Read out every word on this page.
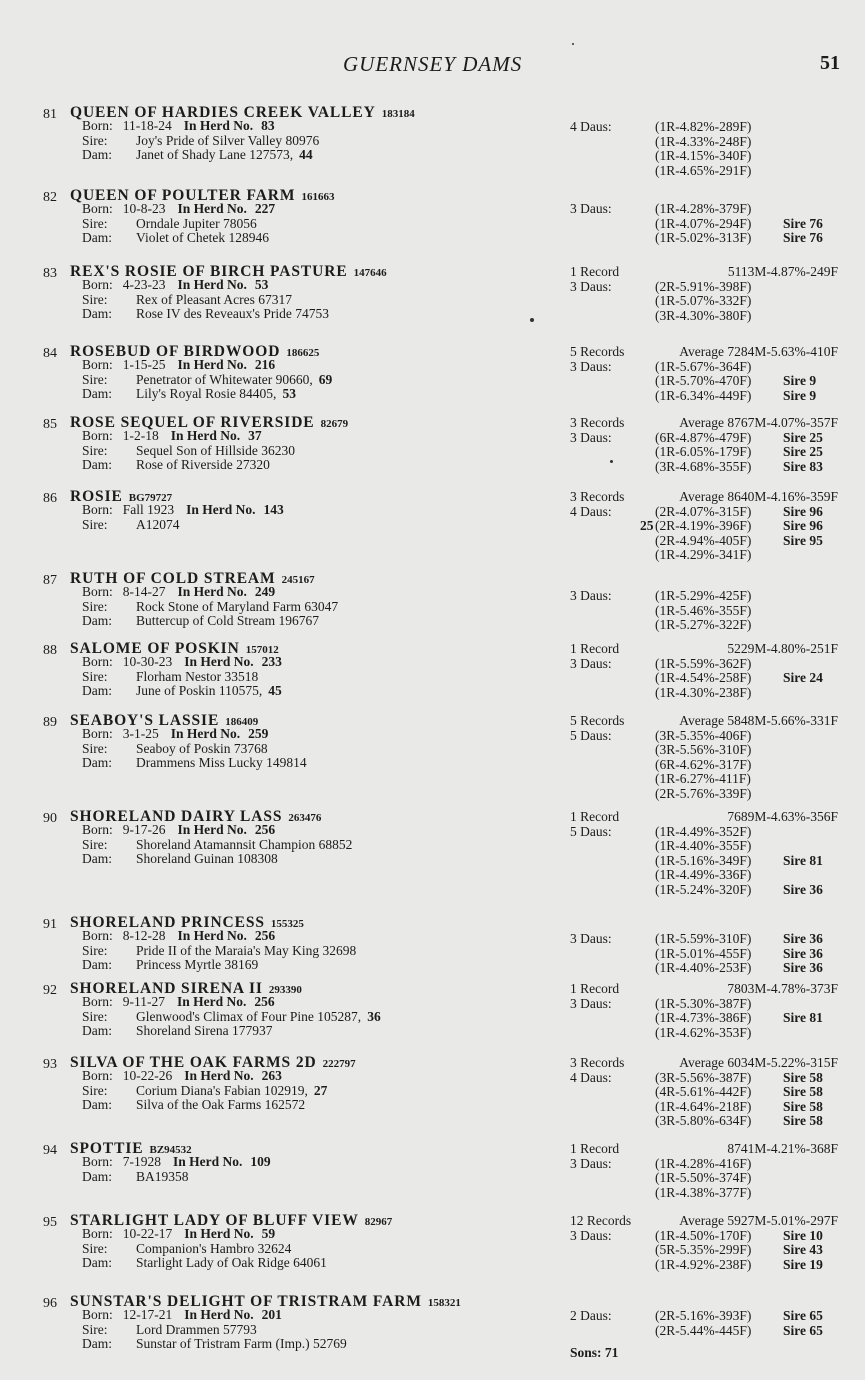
GUERNSEY DAMS	51
81 QUEEN OF HARDIES CREEK VALLEY 183184
Born: 11-18-24 In Herd No. 83
Sire: Joy's Pride of Silver Valley 80976
Dam: Janet of Shady Lane 127573, 44
4 Daus:	(1R-4.82%-289F)
(1R-4.33%-248F)
(1R-4.15%-340F)
(1R-4.65%-291F)
82 QUEEN OF POULTER FARM 161663
Born: 10-8-23 In Herd No. 227
Sire: Orndale Jupiter 78056
Dam: Violet of Chetek 128946
3 Daus:	(1R-4.28%-379F)
(1R-4.07%-294F) Sire 76
(1R-5.02%-313F) Sire 76
83 REX'S ROSIE OF BIRCH PASTURE 147646
Born: 4-23-23 In Herd No. 53
Sire: Rex of Pleasant Acres 67317
Dam: Rose IV des Reveaux's Pride 74753
1 Record	5113M-4.87%-249F
3 Daus:	(2R-5.91%-398F)
(1R-5.07%-332F)
(3R-4.30%-380F)
84 ROSEBUD OF BIRDWOOD 186625
Born: 1-15-25 In Herd No. 216
Sire: Penetrator of Whitewater 90660, 69
Dam: Lily's Royal Rosie 84405, 53
5 Records	Average 7284M-5.63%-410F
3 Daus:	(1R-5.67%-364F)
(1R-5.70%-470F) Sire 9
(1R-6.34%-449F) Sire 9
85 ROSE SEQUEL OF RIVERSIDE 82679
Born: 1-2-18 In Herd No. 37
Sire: Sequel Son of Hillside 36230
Dam: Rose of Riverside 27320
3 Records	Average 8767M-4.07%-357F
3 Daus:	(6R-4.87%-479F) Sire 25
(1R-6.05%-179F) Sire 25
(3R-4.68%-355F) Sire 83
86 ROSIE BG79727
Born: Fall 1923 In Herd No. 143
Sire: A12074
3 Records	Average 8640M-4.16%-359F
4 Daus:	(2R-4.07%-315F) Sire 96
25 (2R-4.19%-396F) Sire 96
(2R-4.94%-405F) Sire 95
(1R-4.29%-341F)
87 RUTH OF COLD STREAM 245167
Born: 8-14-27 In Herd No. 249
Sire: Rock Stone of Maryland Farm 63047
Dam: Buttercup of Cold Stream 196767
3 Daus:	(1R-5.29%-425F)
(1R-5.46%-355F)
(1R-5.27%-322F)
88 SALOME OF POSKIN 157012
Born: 10-30-23 In Herd No. 233
Sire: Florham Nestor 33518
Dam: June of Poskin 110575, 45
1 Record	5229M-4.80%-251F
3 Daus:	(1R-5.59%-362F)
(1R-4.54%-258F) Sire 24
(1R-4.30%-238F)
89 SEABOY'S LASSIE 186409
Born: 3-1-25 In Herd No. 259
Sire: Seaboy of Poskin 73768
Dam: Drammens Miss Lucky 149814
5 Records	Average 5848M-5.66%-331F
5 Daus:	(3R-5.35%-406F)
(3R-5.56%-310F)
(6R-4.62%-317F)
(1R-6.27%-411F)
(2R-5.76%-339F)
90 SHORELAND DAIRY LASS 263476
Born: 9-17-26 In Herd No. 256
Sire: Shoreland Atamannsit Champion 68852
Dam: Shoreland Guinan 108308
1 Record	7689M-4.63%-356F
5 Daus:	(1R-4.49%-352F)
(1R-4.40%-355F)
(1R-5.16%-349F) Sire 81
(1R-4.49%-336F)
(1R-5.24%-320F) Sire 36
91 SHORELAND PRINCESS 155325
Born: 8-12-28 In Herd No. 256
Sire: Pride II of the Maraia's May King 32698
Dam: Princess Myrtle 38169
3 Daus:	(1R-5.59%-310F) Sire 36
(1R-5.01%-455F) Sire 36
(1R-4.40%-253F) Sire 36
92 SHORELAND SIRENA II 293390
Born: 9-11-27 In Herd No. 256
Sire: Glenwood's Climax of Four Pine 105287, 36
Dam: Shoreland Sirena 177937
1 Record	7803M-4.78%-373F
3 Daus:	(1R-5.30%-387F)
(1R-4.73%-386F) Sire 81
(1R-4.62%-353F)
93 SILVA OF THE OAK FARMS 2D 222797
Born: 10-22-26 In Herd No. 263
Sire: Corium Diana's Fabian 102919, 27
Dam: Silva of the Oak Farms 162572
3 Records	Average 6034M-5.22%-315F
4 Daus:	(3R-5.56%-387F) Sire 58
(4R-5.61%-442F) Sire 58
(1R-4.64%-218F) Sire 58
(3R-5.80%-634F) Sire 58
94 SPOTTIE BZ94532
Born: 7-1928 In Herd No. 109
Dam: BA19358
1 Record	8741M-4.21%-368F
3 Daus:	(1R-4.28%-416F)
(1R-5.50%-374F)
(1R-4.38%-377F)
95 STARLIGHT LADY OF BLUFF VIEW 82967
Born: 10-22-17 In Herd No. 59
Sire: Companion's Hambro 32624
Dam: Starlight Lady of Oak Ridge 64061
12 Records	Average 5927M-5.01%-297F
3 Daus:	(1R-4.50%-170F) Sire 10
(5R-5.35%-299F) Sire 43
(1R-4.92%-238F) Sire 19
96 SUNSTAR'S DELIGHT OF TRISTRAM FARM 158321
Born: 12-17-21 In Herd No. 201
Sire: Lord Drammen 57793
Dam: Sunstar of Tristram Farm (Imp.) 52769
2 Daus:	(2R-5.16%-393F) Sire 65
(2R-5.44%-445F) Sire 65
Sons: 71
